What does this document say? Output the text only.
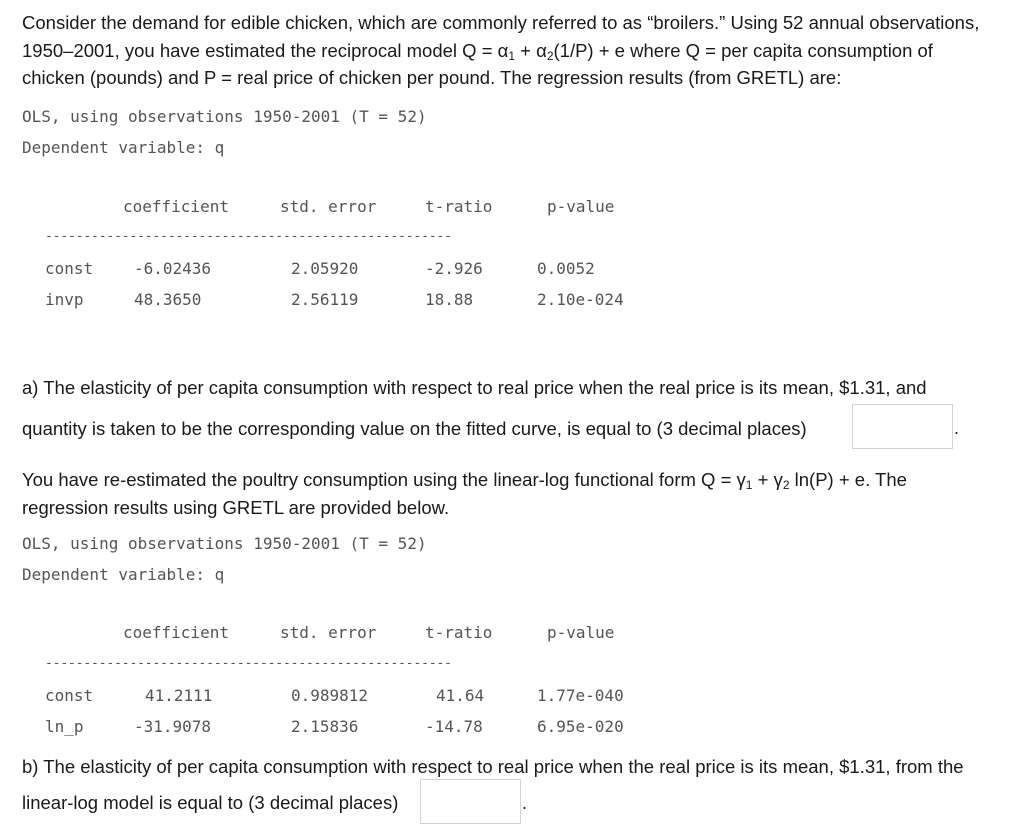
Consider the demand for edible chicken, which are commonly referred to as “broilers.” Using 52 annual observations,
1950–2001, you have estimated the reciprocal model $Q = \alpha_1 + \alpha_2(1/P) + e$ where Q = per capita consumption of
chicken (pounds) and P = real price of chicken per pound. The regression results (from GRETL) are:
OLS, using observations 1950-2001 (T = 52)
Dependent variable: q
coefficient	std. error	t-ratio	p-value
-----------------------------------------------------
const	-6.02436	2.05920	-2.926	0.0052
invp	48.3650	2.56119	18.88	2.10e-024
a) The elasticity of per capita consumption with respect to real price when the real price is its mean, $1.31, and
quantity is taken to be the corresponding value on the fitted curve, is equal to (3 decimal places)	.
You have re-estimated the poultry consumption using the linear-log functional form $Q = \gamma_1 + \gamma_2$ ln(P) + e. The
regression results using GRETL are provided below.
OLS, using observations 1950-2001 (T = 52)
Dependent variable: q
coefficient	std. error	t-ratio	p-value
-----------------------------------------------------
const	41.2111	0.989812	41.64	1.77e-040
ln_p	-31.9078	2.15836	-14.78	6.95e-020
b) The elasticity of per capita consumption with respect to real price when the real price is its mean, $1.31, from the
linear-log model is equal to (3 decimal places)	.
